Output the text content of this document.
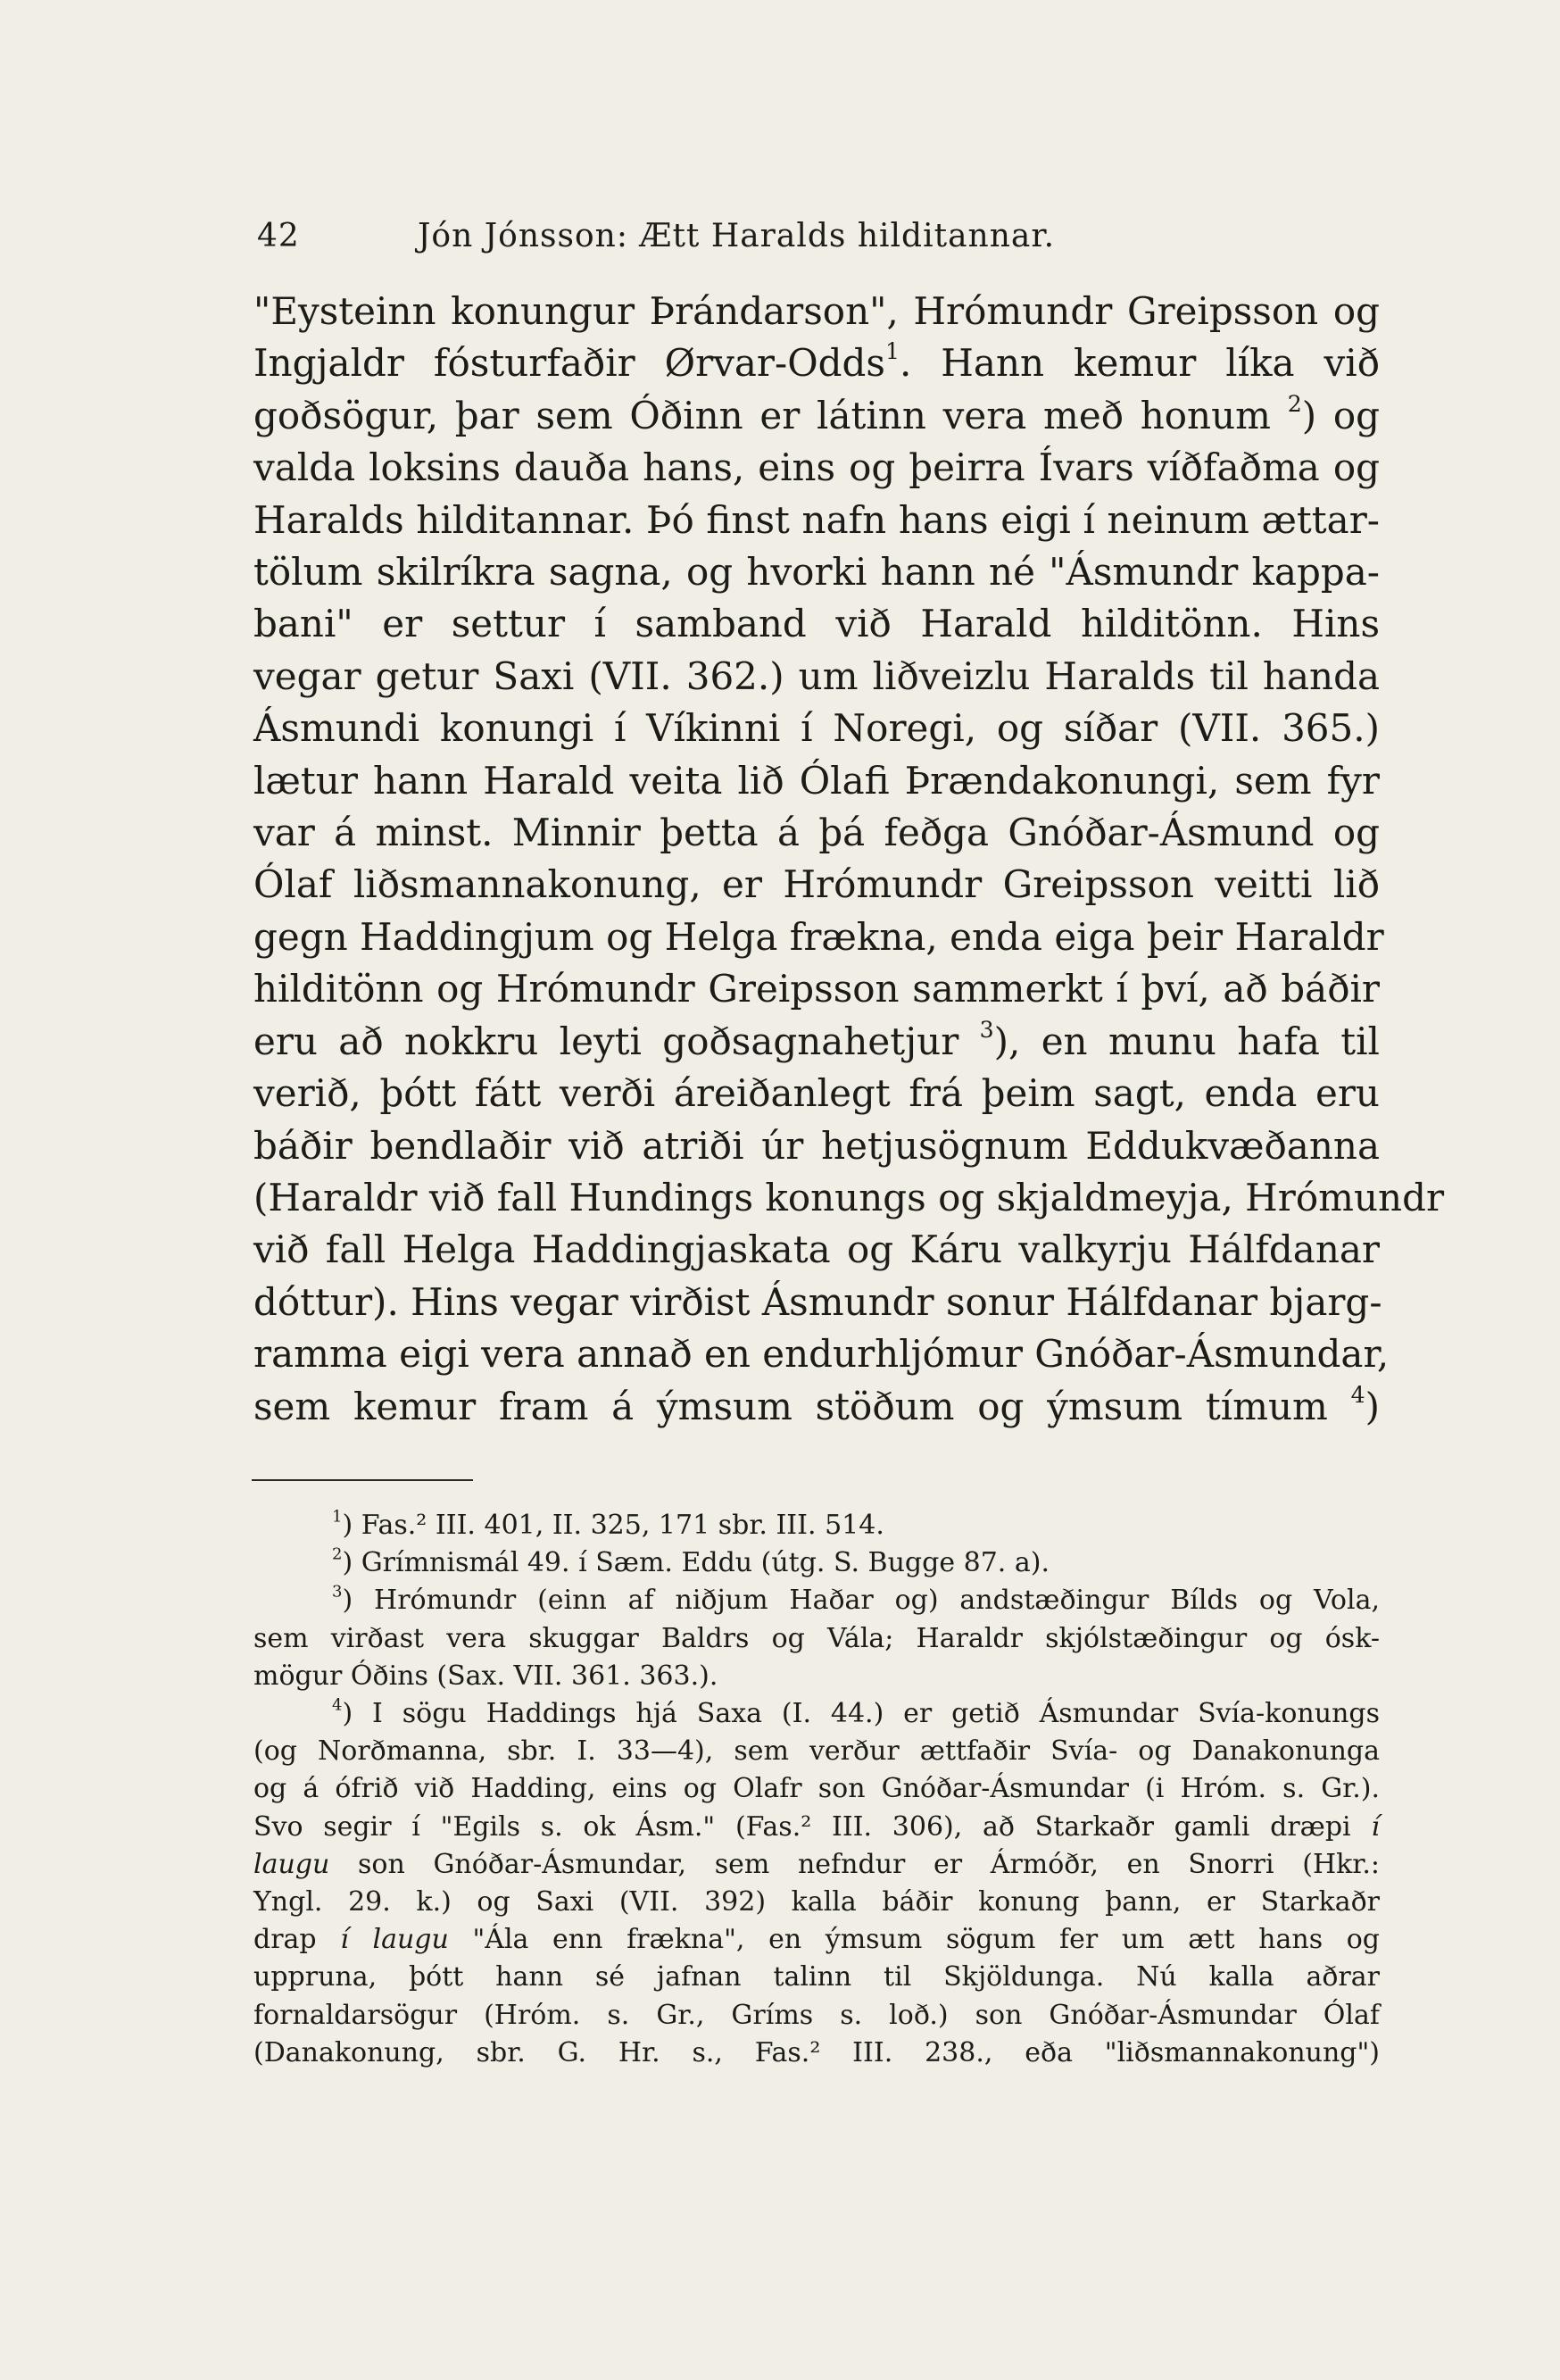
42	Jón Jónsson: Ætt Haralds hilditannar.
"Eysteinn konungur Þrándarson", Hrómundr Greipsson og
Ingjaldr fósturfaðir Ørvar-Odds$^1$. Hann kemur líka við
goðsögur, þar sem Óðinn er látinn vera með honum $^2$) og
valda loksins dauða hans, eins og þeirra Ívars víðfaðma og
Haralds hilditannar. Þó finst nafn hans eigi í neinum ættar-
tölum skilríkra sagna, og hvorki hann né "Ásmundr kappa-
bani" er settur í samband við Harald hilditönn. Hins
vegar getur Saxi (VII. 362.) um liðveizlu Haralds til handa
Ásmundi konungi í Víkinni í Noregi, og síðar (VII. 365.)
lætur hann Harald veita lið Ólafi Þrændakonungi, sem fyr
var á minst. Minnir þetta á þá feðga Gnóðar-Ásmund og
Ólaf liðsmannakonung, er Hrómundr Greipsson veitti lið
gegn Haddingjum og Helga frækna, enda eiga þeir Haraldr
hilditönn og Hrómundr Greipsson sammerkt í því, að báðir
eru að nokkru leyti goðsagnahetjur $^3$), en munu hafa til
verið, þótt fátt verði áreiðanlegt frá þeim sagt, enda eru
báðir bendlaðir við atriði úr hetjusögnum Eddukvæðanna
(Haraldr við fall Hundings konungs og skjaldmeyja, Hrómundr
við fall Helga Haddingjaskata og Káru valkyrju Hálfdanar
dóttur). Hins vegar virðist Ásmundr sonur Hálfdanar bjarg-
ramma eigi vera annað en endurhljómur Gnóðar-Ásmundar,
sem kemur fram á ýmsum stöðum og ýmsum tímum $^4$)
$^1$) Fas.² III. 401, II. 325, 171 sbr. III. 514.
$^2$) Grímnismál 49. í Sæm. Eddu (útg. S. Bugge 87. a).
$^3$) Hrómundr (einn af niðjum Haðar og) andstæðingur Bílds og Vola,
sem virðast vera skuggar Baldrs og Vála; Haraldr skjólstæðingur og ósk-
mögur Óðins (Sax. VII. 361. 363.).
$^4$) I sögu Haddings hjá Saxa (I. 44.) er getið Ásmundar Svía-konungs
(og Norðmanna, sbr. I. 33—4), sem verður ættfaðir Svía- og Danakonunga
og á ófrið við Hadding, eins og Olafr son Gnóðar-Ásmundar (i Hróm. s. Gr.).
Svo segir í "Egils s. ok Ásm." (Fas.² III. 306), að Starkaðr gamli dræpi í
laugu son Gnóðar-Ásmundar, sem nefndur er Ármóðr, en Snorri (Hkr.:
Yngl. 29. k.) og Saxi (VII. 392) kalla báðir konung þann, er Starkaðr
drap í laugu "Ála enn frækna", en ýmsum sögum fer um ætt hans og
uppruna, þótt hann sé jafnan talinn til Skjöldunga. Nú kalla aðrar
fornaldarsögur (Hróm. s. Gr., Gríms s. loð.) son Gnóðar-Ásmundar Ólaf
(Danakonung, sbr. G. Hr. s., Fas.² III. 238., eða "liðsmannakonung")
